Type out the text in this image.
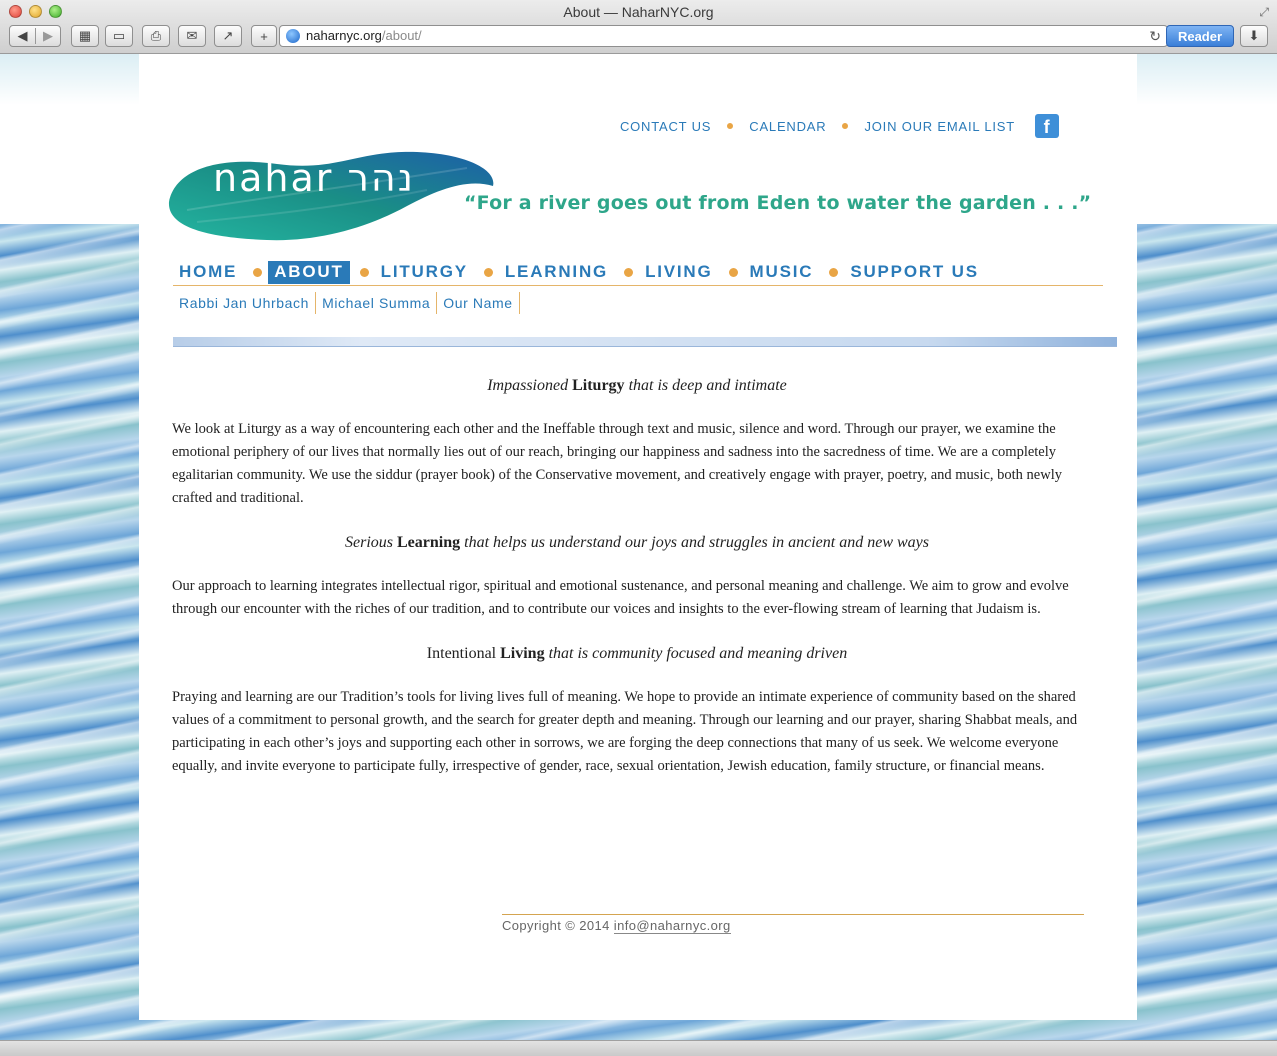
About — NaharNYC.org	⤢
◀	▶	▦ ▭ ⎙ ✉ ↗ +	naharnyc.org/about/	↻	Reader	⬇
CONTACT US	CALENDAR	JOIN OUR EMAIL LIST	f
nahar נהר
“For a river goes out from Eden to water the garden . . .”
HOME	ABOUT	LITURGY	LEARNING	LIVING	MUSIC	SUPPORT US
Rabbi Jan Uhrbach Michael Summa Our Name
Impassioned Liturgy that is deep and intimate

We look at Liturgy as a way of encountering each other and the Ineffable through text and music, silence and word. Through our prayer, we examine the emotional periphery of our lives that normally lies out of our reach, bringing our happiness and sadness into the sacredness of time. We are a completely egalitarian community. We use the siddur (prayer book) of the Conservative movement, and creatively engage with prayer, poetry, and music, both newly crafted and traditional.

Serious Learning that helps us understand our joys and struggles in ancient and new ways

Our approach to learning integrates intellectual rigor, spiritual and emotional sustenance, and personal meaning and challenge. We aim to grow and evolve through our encounter with the riches of our tradition, and to contribute our voices and insights to the ever-flowing stream of learning that Judaism is.

Intentional Living that is community focused and meaning driven

Praying and learning are our Tradition’s tools for living lives full of meaning. We hope to provide an intimate experience of community based on the shared values of a commitment to personal growth, and the search for greater depth and meaning. Through our learning and our prayer, sharing Shabbat meals, and participating in each other’s joys and supporting each other in sorrows, we are forging the deep connections that many of us seek. We welcome everyone equally, and invite everyone to participate fully, irrespective of gender, race, sexual orientation, Jewish education, family structure, or financial means.

Copyright © 2014 info@naharnyc.org
